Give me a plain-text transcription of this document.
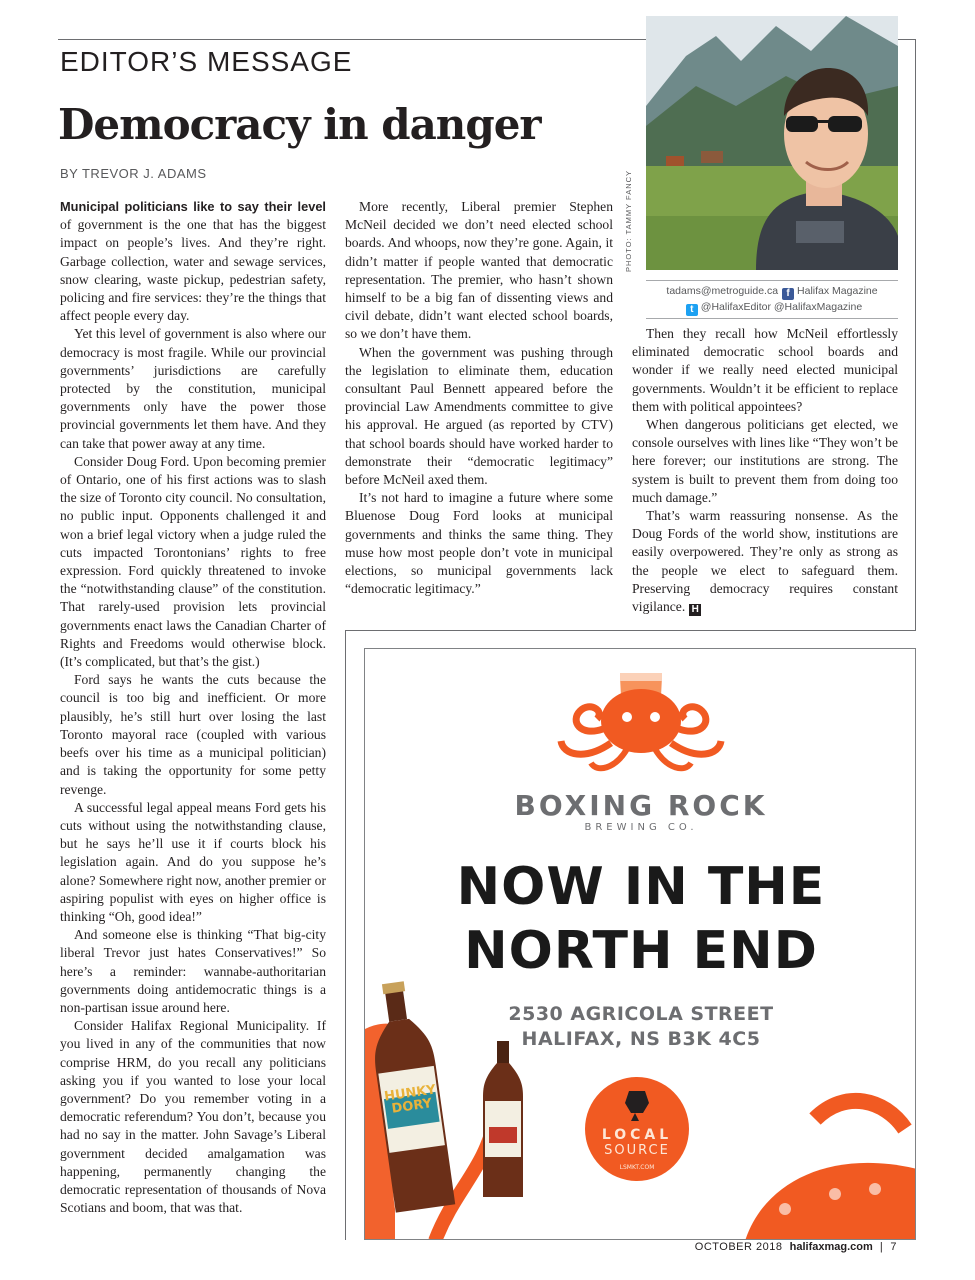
EDITOR’S MESSAGE
Democracy in danger
BY TREVOR J. ADAMS

Municipal politicians like to say their level of government is the one that has the biggest impact on people’s lives. And they’re right. Garbage collection, water and sewage services, snow clearing, waste pickup, pedestrian safety, policing and fire services: they’re the things that affect people every day.

Yet this level of government is also where our democracy is most fragile. While our provincial governments’ jurisdictions are carefully protected by the constitution, municipal governments only have the power those provincial governments let them have. And they can take that power away at any time.

Consider Doug Ford. Upon becoming premier of Ontario, one of his first actions was to slash the size of Toronto city council. No consultation, no public input. Opponents challenged it and won a brief legal victory when a judge ruled the cuts impacted Torontonians’ rights to free expression. Ford quickly threatened to invoke the “notwithstanding clause” of the constitution. That rarely-used provision lets provincial governments enact laws the Canadian Charter of Rights and Freedoms would otherwise block. (It’s complicated, but that’s the gist.)

Ford says he wants the cuts because the council is too big and inefficient. Or more plausibly, he’s still hurt over losing the last Toronto mayoral race (coupled with various beefs over his time as a municipal politician) and is taking the opportunity for some petty revenge.

A successful legal appeal means Ford gets his cuts without using the notwithstanding clause, but he says he’ll use it if courts block his legislation again. And do you suppose he’s alone? Somewhere right now, another premier or aspiring populist with eyes on higher office is thinking “Oh, good idea!”

And someone else is thinking “That big-city liberal Trevor just hates Conservatives!” So here’s a reminder: wannabe-authoritarian governments doing antidemocratic things is a non-partisan issue around here.

Consider Halifax Regional Municipality. If you lived in any of the communities that now comprise HRM, do you recall any politicians asking you if you wanted to lose your local government? Do you remember voting in a democratic referendum? You don’t, because you had no say in the matter. John Savage’s Liberal government decided amalgamation was happening, permanently changing the democratic representation of thousands of Nova Scotians and boom, that was that.

More recently, Liberal premier Stephen McNeil decided we don’t need elected school boards. And whoops, now they’re gone. Again, it didn’t matter if people wanted that democratic representation. The premier, who hasn’t shown himself to be a big fan of dissenting views and civil debate, didn’t want elected school boards, so we don’t have them.

When the government was pushing through the legislation to eliminate them, education consultant Paul Bennett appeared before the provincial Law Amendments committee to give his approval. He argued (as reported by CTV) that school boards should have worked harder to demonstrate their “democratic legitimacy” before McNeil axed them.

It’s not hard to imagine a future where some Bluenose Doug Ford looks at municipal governments and thinks the same thing. They muse how most people don’t vote in municipal elections, so municipal governments lack “democratic legitimacy.”

Then they recall how McNeil effortlessly eliminated democratic school boards and wonder if we really need elected municipal governments. Wouldn’t it be efficient to replace them with political appointees?

When dangerous politicians get elected, we console ourselves with lines like “They won’t be here forever; our institutions are strong. The system is built to prevent them from doing too much damage.”

That’s warm reassuring nonsense. As the Doug Fords of the world show, institutions are easily overpowered. They’re only as strong as the people we elect to safeguard them. Preserving democracy requires constant vigilance. H

PHOTO: TAMMY FANCY
tadams@metroguide.ca f Halifax Magazine
t @HalifaxEditor @HalifaxMagazine
HUNKY DORY
BOXING ROCK
BREWING CO.
NOW IN THE
NORTH END
2530 AGRICOLA STREET
HALIFAX, NS B3K 4C5
LOCAL
SOURCE
LSMKT.COM
OCTOBER 2018 halifaxmag.com | 7
